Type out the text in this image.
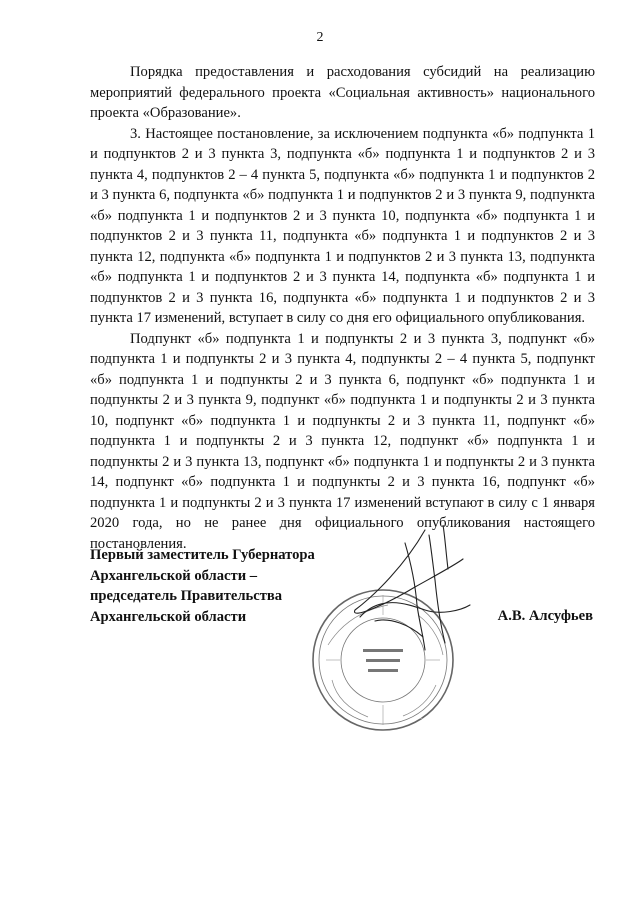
2

Порядка предоставления и расходования субсидий на реализацию мероприятий федерального проекта «Социальная активность» национального проекта «Образование».

3. Настоящее постановление, за исключением подпункта «б» подпункта 1 и подпунктов 2 и 3 пункта 3, подпункта «б» подпункта 1 и подпунктов 2 и 3 пункта 4, подпунктов 2 – 4 пункта 5, подпункта «б» подпункта 1 и подпунктов 2 и 3 пункта 6, подпункта «б» подпункта 1 и подпунктов 2 и 3 пункта 9, подпункта «б» подпункта 1 и подпунктов 2 и 3 пункта 10, подпункта «б» подпункта 1 и подпунктов 2 и 3 пункта 11, подпункта «б» подпункта 1 и подпунктов 2 и 3 пункта 12, подпункта «б» подпункта 1 и подпунктов 2 и 3 пункта 13, подпункта «б» подпункта 1 и подпунктов 2 и 3 пункта 14, подпункта «б» подпункта 1 и подпунктов 2 и 3 пункта 16, подпункта «б» подпункта 1 и подпунктов 2 и 3 пункта 17 изменений, вступает в силу со дня его официального опубликования.

Подпункт «б» подпункта 1 и подпункты 2 и 3 пункта 3, подпункт «б» подпункта 1 и подпункты 2 и 3 пункта 4, подпункты 2 – 4 пункта 5, подпункт «б» подпункта 1 и подпункты 2 и 3 пункта 6, подпункт «б» подпункта 1 и подпункты 2 и 3 пункта 9, подпункт «б» подпункта 1 и подпункты 2 и 3 пункта 10, подпункт «б» подпункта 1 и подпункты 2 и 3 пункта 11, подпункт «б» подпункта 1 и подпункты 2 и 3 пункта 12, подпункт «б» подпункта 1 и подпункты 2 и 3 пункта 13, подпункт «б» подпункта 1 и подпункты 2 и 3 пункта 14, подпункт «б» подпункта 1 и подпункты 2 и 3 пункта 16, подпункт «б» подпункта 1 и подпункты 2 и 3 пункта 17 изменений вступают в силу с 1 января 2020 года, но не ранее дня официального опубликования настоящего постановления.

Первый заместитель Губернатора
Архангельской области –
председатель Правительства
Архангельской области	А.В. Алсуфьев
